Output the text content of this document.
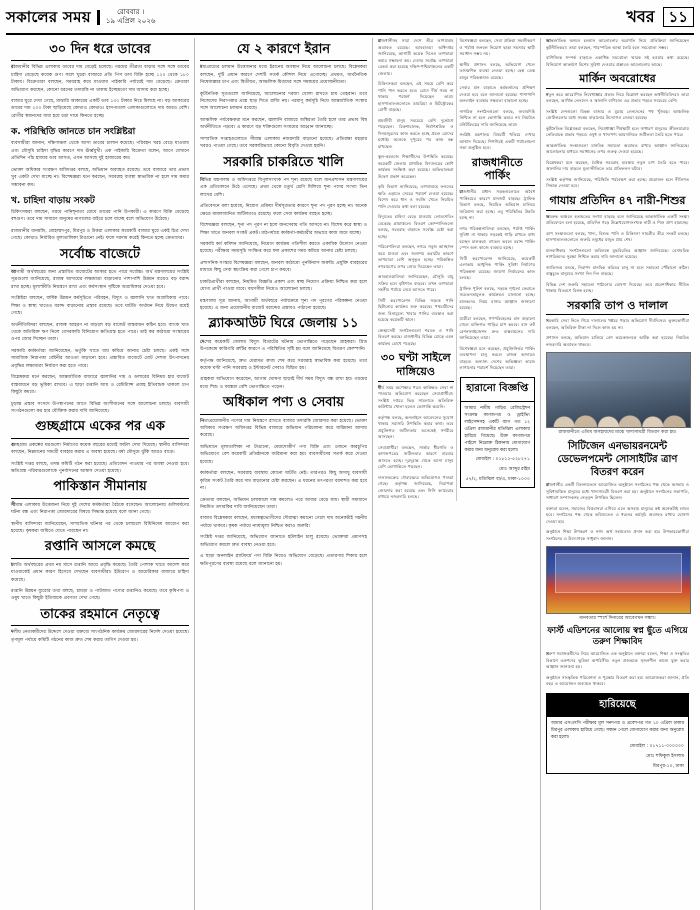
সকালের সময়	রোববার ।
১৯ এপ্রিল ২০২৬	খবর ১১
৩০ দিন ধরে ডাবের

রাজধানীর বিভিন্ন এলাকায় ডাবের দাম বেড়েই চলেছে। গরমের তীব্রতা বাড়ার সঙ্গে সঙ্গে ডাবের চাহিদা বেড়েছে কয়েক গুণ। ফলে খুচরা বাজারে প্রতি পিস ডাব বিক্রি হচ্ছে ১২০ থেকে ১৮০ টাকায়। বিক্রেতারা বলছেন, সরবরাহ কমে যাওয়ায় পাইকারি পর্যায়েই দাম বেড়েছে। ক্রেতারা অভিযোগ করছেন, কোনো ধরনের তদারকি না থাকায় ইচ্ছেমতো দাম আদায় করা হচ্ছে।

বাজার ঘুরে দেখা গেছে, মাঝারি আকারের একটি ডাব ১৩০ টাকার নিচে মিলছে না। বড় আকারের ডাবের দাম ২০০ টাকা ছাড়িয়েছে কোথাও কোথাও। হাসপাতাল এলাকাগুলোতে দাম আরও বেশি। রোগীর স্বজনদের বাধ্য হয়ে চড়া দামে কিনতে হচ্ছে।

ক. পরিস্থিতি জানতে চান সংশ্লিষ্টরা

ব্যবসায়ীরা জানান, দক্ষিণাঞ্চল থেকে আসা ডাবের চালান কমেছে। পরিবহন খরচ বেড়ে যাওয়ায় এবং মৌসুমি চাহিদা বৃদ্ধির কারণে দাম ঊর্ধ্বমুখী। এক পাইকারি বিক্রেতা বলেন, আগে যেখানে প্রতিদিন পাঁচ হাজার ডাব আসত, এখন আসছে দুই হাজারের কম।

ভোক্তা অধিকার সংরক্ষণ অধিদপ্তর বলছে, অভিযান অব্যাহত রয়েছে। তবে বাজারে তার প্রভাব খুব একটা দেখা যাচ্ছে না। বিশেষজ্ঞরা মনে করছেন, সরবরাহ ব্যবস্থা স্বাভাবিক না হলে দাম কমার সম্ভাবনা কম।

খ. চাহিদা বাড়ায় সংকট

চিকিৎসকরা বলছেন, গরমে পানিশূন্যতা রোধে ডাবের পানি উপকারী। এ কারণে বিক্রি বেড়েছে বহুগুণ। তবে দাম সাধারণ মানুষের নাগালের বাইরে চলে যাচ্ছে বলে অভিযোগ উঠেছে।

রাজধানীর ধানমন্ডি, মোহাম্মদপুর, মিরপুর ও উত্তরা এলাকার কয়েকটি বাজার ঘুরে একই চিত্র দেখা গেছে। কোথাও নির্ধারিত মূল্যতালিকা টাঙানো নেই। ফলে দরদাম করেই কিনতে হচ্ছে ক্রেতাদের।

সর্বোচ্চ বাজেটে

আগামী অর্থবছরের জন্য প্রস্তাবিত বাজেটের আকার হতে পারে সর্বোচ্চ। অর্থ মন্ত্রণালয়ের সংশ্লিষ্ট সূত্রগুলো জানিয়েছে, রাজস্ব আদায়ের লক্ষ্যমাত্রা বাড়ানোর পাশাপাশি উন্নয়ন ব্যয়েও বড় বরাদ্দ রাখা হচ্ছে। মূল্যস্ফীতি নিয়ন্ত্রণে রাখা এবং কর্মসংস্থান সৃষ্টিকে অগ্রাধিকার দেওয়া হবে।

সংশ্লিষ্টরা বলছেন, বার্ষিক উন্নয়ন কর্মসূচিতে পরিবহন, বিদ্যুৎ ও জ্বালানি খাত অগ্রাধিকার পাবে। শিক্ষা ও স্বাস্থ্য খাতেও বরাদ্দ বাড়ানোর প্রস্তাব রয়েছে। তবে ঘাটতি অর্থায়ন নিয়ে উদ্বেগ রয়েই গেছে।

অর্থনীতিবিদরা বলছেন, রাজস্ব আহরণ না বাড়লে বড় বাজেট বাস্তবায়ন কঠিন হবে। ব্যাংক খাত থেকে অতিরিক্ত ঋণ নিলে বেসরকারি বিনিয়োগ ক্ষতিগ্রস্ত হতে পারে। তাই কর কাঠামো সংস্কারের ওপর জোর দিচ্ছেন তারা।

সরকারি কর্মকর্তারা জানিয়েছেন, ভর্তুকি খাতে ব্যয় কমিয়ে আনার চেষ্টা চলছে। একই সঙ্গে সামাজিক নিরাপত্তা বেষ্টনীর আওতা বাড়ানো হবে। প্রস্তাবিত বাজেটে মোট দেশজ উৎপাদনের প্রবৃদ্ধির লক্ষ্যমাত্রা নির্ধারণ করা হতে পারে।

বিশ্লেষকরা মনে করছেন, আন্তর্জাতিক বাজারে জ্বালানির দাম ও ডলারের বিনিময় হার বাজেট বাস্তবায়নে বড় ভূমিকা রাখবে। এ ছাড়া রপ্তানি আয় ও রেমিট্যান্স প্রবাহ ইতিবাচক থাকলে চাপ কিছুটা কমবে।

চূড়ান্ত প্রস্তাব সংসদে উপস্থাপনের আগে বিভিন্ন অংশীজনের সঙ্গে আলোচনা চলছে। ব্যবসায়ী সংগঠনগুলো কর হার যৌক্তিক করার দাবি জানিয়েছে।

গুচ্ছগ্রামে একের পর এক

গুচ্ছগ্রাম প্রকল্পের ঘরগুলো নির্মাণের কয়েক বছরের মধ্যেই ফাটল দেখা দিয়েছে। স্থানীয় বাসিন্দারা বলছেন, নিম্নমানের সামগ্রী ব্যবহার করায় এ অবস্থা হয়েছে। বর্ষা মৌসুমে ঝুঁকি আরও বাড়ে।

সংশ্লিষ্ট দপ্তর বলছে, তদন্ত কমিটি গঠন করা হয়েছে। প্রতিবেদন পাওয়ার পর ব্যবস্থা নেওয়া হবে। ক্ষতিগ্রস্ত পরিবারগুলোকে পুনর্বাসনের আশ্বাস দেওয়া হয়েছে।

পাকিস্তান সীমানায়

সীমান্ত এলাকায় উত্তেজনা নিয়ে দুই দেশের কর্মকর্তারা বৈঠকে বসেছেন। আলোচনায় গুলিবর্ষণের ঘটনা বন্ধ এবং নিরাপত্তা জোরদারের বিষয়ে সিদ্ধান্ত হয়েছে বলে জানা গেছে।

স্থানীয় বাসিন্দারা জানিয়েছেন, সাম্প্রতিক ঘটনার পর থেকে চলাচলে বিধিনিষেধ আরোপ করা হয়েছে। কৃষকরা জমিতে যেতে পারছেন না।

রপ্তানি আসলে কমছে

চলতি অর্থবছরের প্রথম নয় মাসে রপ্তানি আয়ে প্রবৃদ্ধি কমেছে। তৈরি পোশাক খাতে আদেশ কমে যাওয়াকেই প্রধান কারণ হিসেবে দেখছেন ব্যবসায়ীরা। ইউরোপ ও আমেরিকার বাজারে চাহিদা কমেছে।

রপ্তানি উন্নয়ন ব্যুরোর তথ্য বলছে, চামড়া ও পাটজাত পণ্যের রপ্তানিও কমেছে। তবে কৃষিপণ্য ও ওষুধ খাতে কিছুটা ইতিবাচক প্রবণতা দেখা গেছে।

তাকের রহমানে নেতৃত্বে

দলীয় নেতাকর্মীদের উদ্দেশে দেওয়া বক্তব্যে সাংগঠনিক কার্যক্রম জোরদারের নির্দেশ দেওয়া হয়েছে। তৃণমূল পর্যায়ে কমিটি গঠনের কাজ দ্রুত শেষ করার তাগিদ দেওয়া হয়।

যে ২ কারণে ইরান

মধ্যপ্রাচ্যের চলমান উত্তেজনার মধ্যে ইরানের অবস্থান নিয়ে আলোচনা চলছে। বিশ্লেষকরা বলছেন, দুটি প্রধান কারণে দেশটি সতর্ক কৌশল নিয়ে এগোচ্ছে। প্রথমত, অর্থনৈতিক নিষেধাজ্ঞার চাপ এবং দ্বিতীয়ত, আঞ্চলিক মিত্রদের সঙ্গে সমন্বয়ের প্রয়োজনীয়তা।

কূটনৈতিক সূত্রগুলো জানিয়েছে, আলোচনার দরজা খোলা রাখতে চায় তেহরান। তবে নিজেদের নিরাপত্তার প্রশ্নে ছাড় দিতে রাজি নয়। পরমাণু কর্মসূচি নিয়ে আন্তর্জাতিক সংস্থার সঙ্গে আলোচনা চলমান রয়েছে।

আঞ্চলিক পর্যবেক্ষকরা মনে করছেন, জ্বালানি বাজারে অস্থিরতা তৈরি হলে তার প্রভাব বিশ্ব অর্থনীতিতে পড়বে। এ কারণে বড় শক্তিগুলো সংযমের আহ্বান জানাচ্ছে।

সাম্প্রতিক সপ্তাহগুলোতে সীমান্ত এলাকায় নজরদারি বাড়ানো হয়েছে। প্রতিরক্ষা মহড়ার খবরও পাওয়া গেছে। তবে সরকারিভাবে কোনো বিবৃতি দেওয়া হয়নি।

সরকারি চাকরিতে খালি

বিভিন্ন মন্ত্রণালয় ও অধিদপ্তরে বিপুলসংখ্যক পদ শূন্য রয়েছে বলে জনপ্রশাসন মন্ত্রণালয়ের এক প্রতিবেদনে উঠে এসেছে। প্রথম থেকে চতুর্থ শ্রেণি মিলিয়ে শূন্য পদের সংখ্যা তিন লাখের বেশি।

প্রতিবেদনে বলা হয়েছে, নিয়োগ প্রক্রিয়া দীর্ঘসূত্রতার কারণে শূন্য পদ পূরণ হচ্ছে না। অনেক ক্ষেত্রে মামলাজনিত জটিলতাও রয়েছে। ফলে সেবা কার্যক্রম ব্যাহত হচ্ছে।

বিশেষজ্ঞরা বলছেন, শূন্য পদ পূরণ না হলে জনসেবায় গতি আসবে না। বিশেষ করে স্বাস্থ্য ও শিক্ষা খাতে জনবল সংকট প্রকট। মাঠপর্যায়ে কর্মকর্তা-কর্মচারীর অভাবে কাজ জমে যাচ্ছে।

সরকারি কর্ম কমিশন জানিয়েছে, নিয়োগ কার্যক্রম গতিশীল করতে একাধিক উদ্যোগ নেওয়া হয়েছে। পরীক্ষার সময়সূচি সংক্ষিপ্ত করে ফল প্রকাশের সময় কমিয়ে আনার চেষ্টা চলছে।

প্রশাসনিক সংস্কার বিশেষজ্ঞরা বলছেন, জনবল কাঠামো পুনর্বিন্যাস জরুরি। প্রযুক্তি ব্যবহারের মাধ্যমে কিছু সেবা স্বয়ংক্রিয় করা গেলে চাপ কমবে।

চাকরিপ্রার্থীরা বলছেন, নিয়মিত বিজ্ঞপ্তি প্রকাশ এবং স্বচ্ছ নিয়োগ প্রক্রিয়া নিশ্চিত করা হলে যোগ্য প্রার্থী পাওয়া যাবে। বয়সসীমা নিয়েও আলোচনা চলছে।

মন্ত্রণালয় সূত্র জানায়, আগামী অর্থবছরে পর্যায়ক্রমে শূন্য পদ পূরণের পরিকল্পনা নেওয়া হয়েছে। এ জন্য প্রয়োজনীয় বাজেট বরাদ্দের প্রস্তাবও পাঠানো হয়েছে।

ব্ল্যাকআউট ঘিরে জেলায় ১১

দেশের কয়েকটি জেলায় বিদ্যুৎ বিভ্রাটের ঘটনায় ভোগান্তিতে পড়েছেন গ্রাহকরা। গ্রিড উপকেন্দ্রে কারিগরি ত্রুটির কারণে এ পরিস্থিতির সৃষ্টি হয় বলে জানিয়েছে বিতরণ কোম্পানি।

কর্তৃপক্ষ জানিয়েছে, দ্রুত মেরামত কাজ শেষ করে সরবরাহ স্বাভাবিক করা হয়েছে। তবে কয়েক ঘণ্টা পানি সরবরাহ ও ইন্টারনেট সেবাও বিঘ্নিত হয়।

গ্রাহকরা অভিযোগ করেছেন, আগাম ঘোষণা ছাড়াই দীর্ঘ সময় বিদ্যুৎ বন্ধ রাখা হয়। গরমের মধ্যে শিশু ও বয়স্করা বেশি ভোগান্তিতে পড়েন।

অধিকাল পণ্য ও সেবায়

নিত্যপ্রয়োজনীয় পণ্যের দাম নিয়ন্ত্রণে রাখতে বাজার তদারকি জোরদার করা হয়েছে। ভোক্তা অধিকার সংরক্ষণ অধিদপ্তর বিভিন্ন বাজারে অভিযান পরিচালনা করে জরিমানা আদায় করেছে।

অভিযানে মূল্যতালিকা না টাঙানো, মেয়াদোত্তীর্ণ পণ্য বিক্রি এবং ওজনে কারচুপির অভিযোগে বেশ কয়েকটি প্রতিষ্ঠানকে জরিমানা করা হয়। ব্যবসায়ীদের সতর্ক করে দেওয়া হয়েছে।

কর্মকর্তারা বলছেন, সরবরাহ ব্যবস্থায় কোনো ঘাটতি নেই। তারপরও কিছু অসাধু ব্যবসায়ী কৃত্রিম সংকট তৈরি করে দাম বাড়ানোর চেষ্টা করছেন। এ ধরনের তৎপরতা বরদাশত করা হবে না।

ক্রেতারা বলছেন, অভিযান চলাকালে দাম কমলেও পরে আবার বেড়ে যায়। স্থায়ী সমাধানে নিয়মিত তদারকির দাবি জানিয়েছেন তারা।

বাজার বিশ্লেষকরা বলছেন, মধ্যস্বত্বভোগীদের দৌরাত্ম্য কমানো গেলে দাম অনেকটাই সহনীয় পর্যায়ে থাকবে। কৃষক পর্যায়ে ন্যায্যমূল্য নিশ্চিত করাও জরুরি।

সংশ্লিষ্ট দপ্তর জানিয়েছে, অভিযোগ জানাতে হটলাইন চালু রয়েছে। ভোক্তারা প্রমাণসহ অভিযোগ করলে দ্রুত ব্যবস্থা নেওয়া হবে।

এ ছাড়া অনলাইন প্ল্যাটফর্মে পণ্য বিক্রি নিয়েও অভিযোগ বেড়েছে। প্রতারণার শিকার হলে ক্ষতিপূরণের ব্যবস্থা রয়েছে বলে জানানো হয়।

রাজধানীসহ সারা দেশে তীব্র তাপপ্রবাহ অব্যাহত রয়েছে। আবহাওয়া অধিদপ্তর জানিয়েছে, আগামী কয়েক দিনেও তাপমাত্রা কমার সম্ভাবনা কম। দেশের সর্বোচ্চ তাপমাত্রা রেকর্ড করা হয়েছে দক্ষিণ-পশ্চিমাঞ্চলের একটি জেলায়।

চিকিৎসকরা বলছেন, এই সময়ে বেশি করে পানি পান করতে হবে। রোদে দীর্ঘ সময় না থাকার পরামর্শ দিয়েছেন তারা। হাসপাতালগুলোতে ডায়রিয়া ও হিটস্ট্রোকের রোগী বাড়ছে।

শ্রমজীবী মানুষ সবচেয়ে বেশি দুর্ভোগে পড়েছেন। রিকশাচালক, নির্মাণশ্রমিক ও দিনমজুরদের কাজ করতে হচ্ছে প্রচণ্ড রোদের মধ্যেই। অনেকে দুপুরের পর কাজ বন্ধ রাখছেন।

স্কুল-কলেজে শিক্ষার্থীদের উপস্থিতি কমেছে। কয়েকটি জেলায় প্রাথমিক বিদ্যালয়ের শ্রেণি কার্যক্রম সংক্ষিপ্ত করা হয়েছে। অভিভাবকরা উদ্বেগ প্রকাশ করেছেন।

কৃষি বিভাগ জানিয়েছে, তাপপ্রবাহে ফসলের ক্ষতি এড়াতে সেচের পরামর্শ দেওয়া হয়েছে। বিশেষ করে ধান ও সবজি খেতে নিয়মিত পানি দেওয়ার কথা বলা হয়েছে।

বিদ্যুতের চাহিদা বেড়ে যাওয়ায় লোডশেডিং বেড়েছে গ্রামাঞ্চলে। বিতরণ কোম্পানিগুলো বলছে, সরবরাহ বাড়াতে সর্বোচ্চ চেষ্টা করা হচ্ছে।

পরিবেশবিদরা বলছেন, নগরে সবুজ আচ্ছাদন কমে যাওয়া এবং জলাশয় ভরাটের কারণে তাপমাত্রা বেশি অনুভূত হচ্ছে। পরিকল্পিত নগরায়ণের ওপর জোর দিয়েছেন তারা।

আবহাওয়াবিদরা জানিয়েছেন, মৌসুমি বায়ু সক্রিয় হলে বৃষ্টিপাত বাড়বে। তখন তাপমাত্রা সহনীয় পর্যায়ে নেমে আসতে পারে।

সিটি করপোরেশন বিভিন্ন সড়কে পানি ছিটানোর কার্যক্রম শুরু করেছে। পথচারীদের জন্য বিনামূল্যে খাবার পানির ব্যবস্থাও করা হয়েছে কয়েকটি স্থানে।

স্বেচ্ছাসেবী সংগঠনগুলো শরবত ও পানি বিতরণ করছে। রাজধানীর বিভিন্ন মোড়ে এমন কার্যক্রম চোখে পড়েছে।

৩০ ঘণ্টা সাইলে দাঙ্গিয়েও

দীর্ঘ সময় অপেক্ষার পরও কাঙ্ক্ষিত সেবা না পাওয়ার অভিযোগ করেছেন সেবাপ্রার্থীরা। সংশ্লিষ্ট দপ্তরে ভিড় সামলাতে অতিরিক্ত কাউন্টার খোলা হলেও ভোগান্তি কমেনি।

কর্তৃপক্ষ বলছে, অনলাইনে আবেদনের সুযোগ থাকায় সরাসরি উপস্থিতি কমার কথা। তবে প্রযুক্তিগত জটিলতায় অনেকেই সশরীরে আসছেন।

সেবাপ্রার্থীরা বলছেন, সার্ভার ধীরগতি ও কাগজপত্রের জটিলতার কারণে বারবার আসতে হচ্ছে। দূরদূরান্ত থেকে আসা মানুষ বেশি ভোগান্তিতে পড়ছেন।

দালালচক্রের দৌরাত্ম্যের অভিযোগও পাওয়া গেছে। কর্তৃপক্ষ জানিয়েছে, নিরাপত্তা জোরদার করা হয়েছে এবং সিসি ক্যামেরার মাধ্যমে নজরদারি চলছে।

বিশেষজ্ঞরা বলছেন, সেবা প্রক্রিয়া সহজীকরণ ও পর্যাপ্ত জনবল নিয়োগ ছাড়া সমস্যার স্থায়ী সমাধান সম্ভব নয়।

স্থানীয় প্রশাসন বলছে, অভিযোগ পেলে তাৎক্ষণিক ব্যবস্থা নেওয়া হচ্ছে। হেল্প ডেস্ক চালুর পরিকল্পনাও রয়েছে।

সেবার মান বাড়াতে কর্মকর্তাদের প্রশিক্ষণ দেওয়া হবে বলে জানানো হয়েছে। পাশাপাশি অনলাইন ব্যবস্থার সক্ষমতা বাড়ানো হচ্ছে।

নাগরিক সংগঠনগুলো বলছে, জবাবদিহি নিশ্চিত না হলে ভোগান্তি কমবে না। নিয়মিত মনিটরিংয়ের দাবি জানিয়েছে তারা।

সংশ্লিষ্ট মন্ত্রণালয় বিষয়টি খতিয়ে দেখার আশ্বাস দিয়েছে। শিগগিরই একটি পর্যালোচনা সভা অনুষ্ঠিত হবে।

রাজধানীতে পার্কিং

রাজধানীর প্রধান সড়কগুলোতে অবৈধ পার্কিংয়ের কারণে যানজট বাড়ছে। ট্রাফিক বিভাগ বলছে, নিয়মিত অভিযান চালিয়ে জরিমানা করা হচ্ছে। তবু পরিস্থিতির উন্নতি হচ্ছে না।

নগর পরিকল্পনাবিদরা বলছেন, পর্যাপ্ত পার্কিং সুবিধা না থাকায় সড়কেই গাড়ি রাখতে বাধ্য হচ্ছেন চালকরা। বহুতল ভবনে বরাদ্দ পার্কিং স্পেস অন্য কাজে ব্যবহার হচ্ছে।

সিটি করপোরেশন জানিয়েছে, কয়েকটি এলাকায় আধুনিক পার্কিং সুবিধা নির্মাণের পরিকল্পনা রয়েছে। জায়গা নির্বাচনের কাজ চলছে।

ট্রাফিক পুলিশ বলছে, সড়কে শৃঙ্খলা ফেরাতে সচেতনতামূলক কার্যক্রমও চালানো হচ্ছে। চালকদের নিয়ম মানার আহ্বান জানানো হয়েছে।

যাত্রীরা বলছেন, গণপরিবহনের মান বাড়ানো গেলে ব্যক্তিগত গাড়ির চাপ কমবে। বাস রুট রেশনালাইজেশন দ্রুত বাস্তবায়নের দাবি জানিয়েছেন তারা।

বিশেষজ্ঞরা মনে করছেন, প্রযুক্তিনির্ভর পার্কিং ব্যবস্থাপনা চালু করলে রাজস্ব আদায়ও বাড়বে। অন্যান্য দেশের অভিজ্ঞতা কাজে লাগানোর পরামর্শ দিয়েছেন তারা।

হারানো বিজ্ঞপ্তি
আমার নামীয় গাড়ির রেজিস্ট্রেশন সংক্রান্ত কাগজপত্র ও ড্রাইভিং লাইসেন্সসহ একটি ব্যাগ গত ১২ এপ্রিল রাজধানীর মতিঝিল এলাকায় হারিয়ে গিয়েছে। উক্ত কাগজপত্র পাইলে নিম্নোক্ত ঠিকানায় যোগাযোগ করার জন্য অনুরোধ করা হলো।
মোবাইল : ০১৮১২-৫২৮২৭১
মোঃ আব্দুর রহিম
৫৭/২, মতিঝিল বা/এ, ঢাকা-১০০০

আন্তর্জাতিক অঙ্গনে চলমান আলোচনার অগ্রগতি নিয়ে প্রতিক্রিয়া জানিয়েছেন কূটনীতিকরা। তারা বলছেন, পারস্পরিক আস্থা তৈরি হলে সমঝোতা সম্ভব।

বাণিজ্যিক সম্পর্ক বাড়াতে একাধিক সমঝোতা স্মারক সই হওয়ার কথা রয়েছে। বিনিয়োগ আকর্ষণে বিশেষ সুবিধা দেওয়ার প্রস্তাবও আলোচনায় আছে।

মার্কিন অবরোধের

নতুন করে আরোপিত নিষেধাজ্ঞার প্রভাব নিয়ে বিশ্লেষণ করছেন অর্থনীতিবিদরা। তারা বলছেন, আর্থিক লেনদেন ও জ্বালানি বাণিজ্যে এর প্রভাব পড়বে সবচেয়ে বেশি।

সংশ্লিষ্ট দেশগুলো বিকল্প বাজার ও মুদ্রায় লেনদেনের পথ খুঁজছে। আঞ্চলিক জোটগুলোর মধ্যে সমন্বয় বাড়ানোর উদ্যোগও নেওয়া হয়েছে।

কূটনৈতিক বিশ্লেষকরা বলছেন, নিষেধাজ্ঞা দীর্ঘস্থায়ী হলে সাধারণ মানুষের জীবনযাত্রায় নেতিবাচক প্রভাব পড়বে। ওষুধ ও খাদ্যপণ্য আমদানিতে জটিলতা তৈরি হতে পারে।

আন্তর্জাতিক সংস্থাগুলো মানবিক সহায়তা অব্যাহত রাখার আহ্বান জানিয়েছে। আলোচনার মাধ্যমে সমাধানের ওপর গুরুত্ব দেওয়া হয়েছে।

বিশ্লেষকরা মনে করছেন, বৈশ্বিক সরবরাহ ব্যবস্থায় নতুন চাপ তৈরি হতে পারে। জ্বালানির দাম বাড়লে মূল্যস্ফীতিতে তার প্রতিফলন ঘটবে।

সংশ্লিষ্ট কর্তৃপক্ষ জানিয়েছে, পরিস্থিতি পর্যবেক্ষণ করা হচ্ছে। প্রয়োজন হলে নীতিগত সিদ্ধান্ত নেওয়া হবে।

গাযায় প্রতিদিন ৪৭ নারী-শিশুর

অবরুদ্ধ অঞ্চলে হতাহতের সংখ্যা বাড়ছে বলে জানিয়েছে আন্তর্জাতিক একটি সংস্থা। প্রতিবেদনে বলা হয়েছে, প্রতিদিন গড়ে উল্লেখযোগ্যসংখ্যক নারী ও শিশু প্রাণ হারাচ্ছে।

ত্রাণ সংস্থাগুলো বলছে, খাদ্য, বিশুদ্ধ পানি ও চিকিৎসা সামগ্রীর তীব্র সংকট চলছে। হাসপাতালগুলোতে জরুরি ওষুধের মজুত প্রায় শেষ।

মানবাধিকার সংগঠনগুলো অবিলম্বে যুদ্ধবিরতির আহ্বান জানিয়েছে। বেসামরিক নাগরিকদের সুরক্ষা নিশ্চিত করার দাবি জানানো হয়েছে।

জাতিসংঘ বলছে, নিরাপদ মানবিক করিডর চালু না হলে সহায়তা পৌঁছানো কঠিন। বাস্তুচ্যুত মানুষের সংখ্যা দিন দিন বাড়ছে।

বিভিন্ন দেশ জরুরি সহায়তা পাঠানোর ঘোষণা দিয়েছে। তবে প্রবেশাধিকার সীমিত থাকায় বিতরণে বিলম্ব হচ্ছে।

সরকারি তাপ ও দালাল

সরকারি সেবা নিতে গিয়ে দালালের খপ্পরে পড়ার অভিযোগ দীর্ঘদিনের। ভুক্তভোগীরা বলছেন, অতিরিক্ত টাকা না দিলে কাজ হয় না।

প্রশাসন বলছে, অভিযান চালিয়ে বেশ কয়েকজনকে আটক করা হয়েছে। নিয়মিত নজরদারি অব্যাহত থাকবে।

রাজধানীতে এতিম অসহায়দের মাঝে খাদ্যসামগ্রী বিতরণ করা হয়।
সিটিজেন এনভায়রনমেন্ট ডেভেলপমেন্ট সোসাইটির ত্রাণ বিতরণ করেন

রাজধানীর একটি মিলনায়তনে আয়োজিত অনুষ্ঠানে সংগঠনের পক্ষ থেকে অসহায় ও সুবিধাবঞ্চিত মানুষের মধ্যে খাদ্যসামগ্রী বিতরণ করা হয়। অনুষ্ঠানে সংগঠনের সভাপতি, সাধারণ সম্পাদকসহ নেতৃবৃন্দ উপস্থিত ছিলেন।

বক্তারা বলেন, সমাজের বিত্তবানরা এগিয়ে এলে অসহায় মানুষের কষ্ট অনেকটাই লাঘব হবে। সংগঠনের পক্ষ থেকে ভবিষ্যতেও এ ধরনের কর্মসূচি অব্যাহত রাখার ঘোষণা দেওয়া হয়।

অনুষ্ঠানে শিক্ষা উপকরণ ও নগদ অর্থ সহায়তাও প্রদান করা হয়। উপকারভোগীরা সংগঠনের এ উদ্যোগকে সাধুবাদ জানান।

মানবতার স্পর্শে দিনারের আবেগঘন সন্ধ্যা।
ফার্স্ট এডিশনের আলোয় স্বপ্ন ছুঁতে এগিয়ে তরুণ শিক্ষাবিদ

তরুণ সমাজকর্মীদের নিয়ে আয়োজিত এক অনুষ্ঠানে বক্তারা বলেন, শিক্ষা ও সংস্কৃতির বিকাশে তরুণদের ভূমিকা অপরিসীম। নতুন প্রজন্মকে সৃজনশীল কাজে যুক্ত করার আহ্বান জানানো হয়।

অনুষ্ঠানে সাংস্কৃতিক পরিবেশনা ও পুরস্কার বিতরণ করা হয়। আয়োজকরা জানান, প্রতি বছর এ আয়োজন অব্যাহত থাকবে।

হারিয়েছে
আমার এসএসসি পরীক্ষার মূল সনদপত্র ও প্রবেশপত্র গত ১০ এপ্রিল ঢাকার মিরপুর এলাকায় হারিয়ে গেছে। সন্ধান পেলে যোগাযোগ করার জন্য অনুরোধ করা হলো।
মোবাইল : ০১৭১১-০০০০০০
মোঃ শফিকুল ইসলাম
মিরপুর-১০, ঢাকা
